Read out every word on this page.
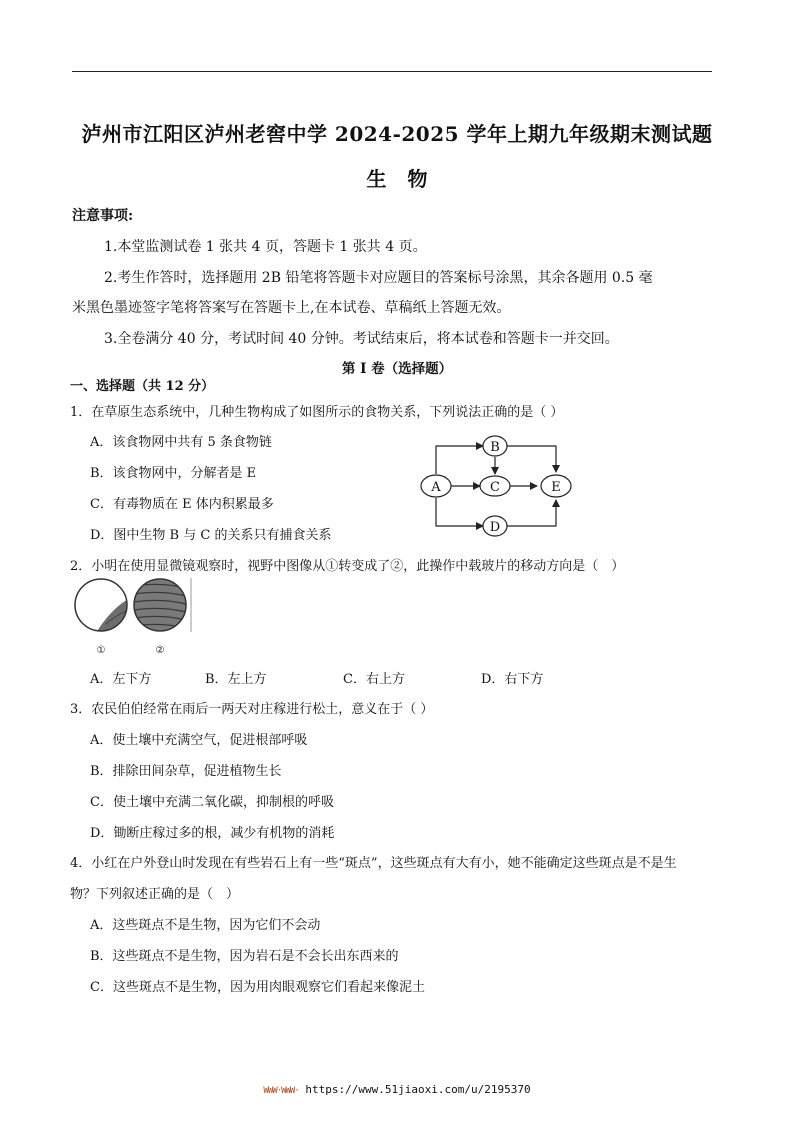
泸州市江阳区泸州老窖中学 2024-2025 学年上期九年级期末测试题
生 物
注意事项:
1.本堂监测试卷 1 张共 4 页，答题卡 1 张共 4 页。
2.考生作答时，选择题用 2B 铅笔将答题卡对应题目的答案标号涂黑，其余各题用 0.5 毫
米黑色墨迹签字笔将答案写在答题卡上,在本试卷、草稿纸上答题无效。
3.全卷满分 40 分，考试时间 40 分钟。考试结束后，将本试卷和答题卡一并交回。
第 I 卷（选择题）
一、选择题（共 12 分）
1．在草原生态系统中，几种生物构成了如图所示的食物关系，下列说法正确的是（ ）
A．该食物网中共有 5 条食物链
B．该食物网中，分解者是 E
C．有毒物质在 E 体内积累最多
D．图中生物 B 与 C 的关系只有捕食关系
A
B
C
D
E
2．小明在使用显微镜观察时，视野中图像从①转变成了②，此操作中载玻片的移动方向是（　）
①	②
A．左下方	B．左上方	C．右上方	D．右下方
3．农民伯伯经常在雨后一两天对庄稼进行松土，意义在于（ ）
A．使土壤中充满空气，促进根部呼吸
B．排除田间杂草，促进植物生长
C．使土壤中充满二氧化碳，抑制根的呼吸
D．锄断庄稼过多的根，减少有机物的消耗
4．小红在户外登山时发现在有些岩石上有一些“斑点”，这些斑点有大有小，她不能确定这些斑点是不是生
物？下列叙述正确的是（　）
A．这些斑点不是生物，因为它们不会动
B．这些斑点不是生物，因为岩石是不会长出东西来的
C．这些斑点不是生物，因为用肉眼观察它们看起来像泥土
WWW·WWW· https://www.51jiaoxi.com/u/2195370
